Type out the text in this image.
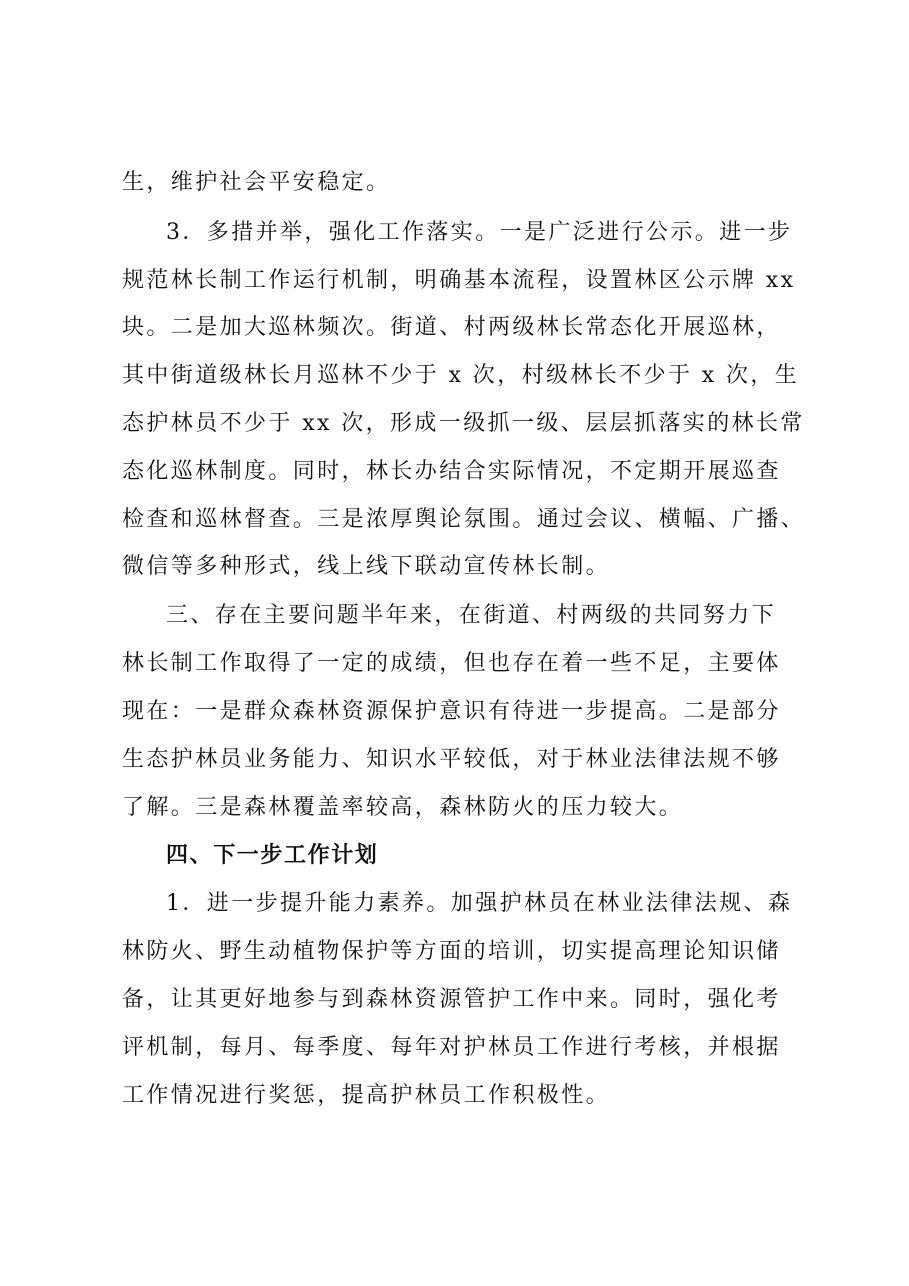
生，维护社会平安稳定。

3．多措并举，强化工作落实。一是广泛进行公示。进一步

规范林长制工作运行机制，明确基本流程，设置林区公示牌 xx

块。二是加大巡林频次。街道、村两级林长常态化开展巡林，

其中街道级林长月巡林不少于 x 次，村级林长不少于 x 次，生

态护林员不少于 xx 次，形成一级抓一级、层层抓落实的林长常

态化巡林制度。同时，林长办结合实际情况，不定期开展巡查

检查和巡林督查。三是浓厚舆论氛围。通过会议、横幅、广播、

微信等多种形式，线上线下联动宣传林长制。

三、存在主要问题半年来，在街道、村两级的共同努力下

林长制工作取得了一定的成绩，但也存在着一些不足，主要体

现在：一是群众森林资源保护意识有待进一步提高。二是部分

生态护林员业务能力、知识水平较低，对于林业法律法规不够

了解。三是森林覆盖率较高，森林防火的压力较大。

四、下一步工作计划

1．进一步提升能力素养。加强护林员在林业法律法规、森

林防火、野生动植物保护等方面的培训，切实提高理论知识储

备，让其更好地参与到森林资源管护工作中来。同时，强化考

评机制，每月、每季度、每年对护林员工作进行考核，并根据

工作情况进行奖惩，提高护林员工作积极性。
